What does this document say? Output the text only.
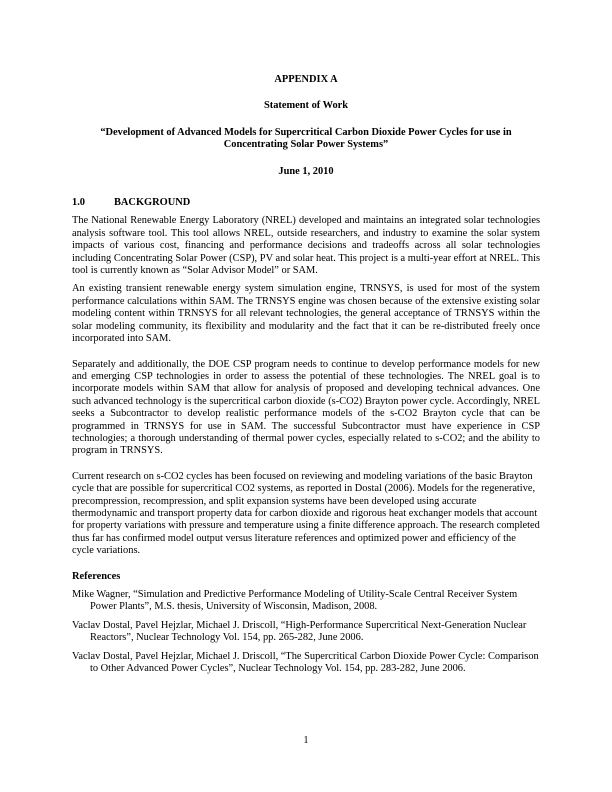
APPENDIX A
Statement of Work
“Development of Advanced Models for Supercritical Carbon Dioxide Power Cycles for use in Concentrating Solar Power Systems”
June 1, 2010
1.0	BACKGROUND

The National Renewable Energy Laboratory (NREL) developed and maintains an integrated solar technologies analysis software tool. This tool allows NREL, outside researchers, and industry to examine the solar system impacts of various cost, financing and performance decisions and tradeoffs across all solar technologies including Concentrating Solar Power (CSP), PV and solar heat. This project is a multi-year effort at NREL. This tool is currently known as “Solar Advisor Model” or SAM.

An existing transient renewable energy system simulation engine, TRNSYS, is used for most of the system performance calculations within SAM. The TRNSYS engine was chosen because of the extensive existing solar modeling content within TRNSYS for all relevant technologies, the general acceptance of TRNSYS within the solar modeling community, its flexibility and modularity and the fact that it can be re-distributed freely once incorporated into SAM.

Separately and additionally, the DOE CSP program needs to continue to develop performance models for new and emerging CSP technologies in order to assess the potential of these technologies. The NREL goal is to incorporate models within SAM that allow for analysis of proposed and developing technical advances. One such advanced technology is the supercritical carbon dioxide (s-CO2) Brayton power cycle. Accordingly, NREL seeks a Subcontractor to develop realistic performance models of the s-CO2 Brayton cycle that can be programmed in TRNSYS for use in SAM. The successful Subcontractor must have experience in CSP technologies; a thorough understanding of thermal power cycles, especially related to s-CO2; and the ability to program in TRNSYS.

Current research on s-CO2 cycles has been focused on reviewing and modeling variations of the basic Brayton cycle that are possible for supercritical CO2 systems, as reported in Dostal (2006). Models for the regenerative, precompression, recompression, and split expansion systems have been developed using accurate thermodynamic and transport property data for carbon dioxide and rigorous heat exchanger models that account for property variations with pressure and temperature using a finite difference approach. The research completed thus far has confirmed model output versus literature references and optimized power and efficiency of the cycle variations.

References
Mike Wagner, “Simulation and Predictive Performance Modeling of Utility-Scale Central Receiver System Power Plants”, M.S. thesis, University of Wisconsin, Madison, 2008.
Vaclav Dostal, Pavel Hejzlar, Michael J. Driscoll, “High-Performance Supercritical Next-Generation Nuclear Reactors”, Nuclear Technology Vol. 154, pp. 265-282, June 2006.
Vaclav Dostal, Pavel Hejzlar, Michael J. Driscoll, “The Supercritical Carbon Dioxide Power Cycle: Comparison to Other Advanced Power Cycles”, Nuclear Technology Vol. 154, pp. 283-282, June 2006.
1
